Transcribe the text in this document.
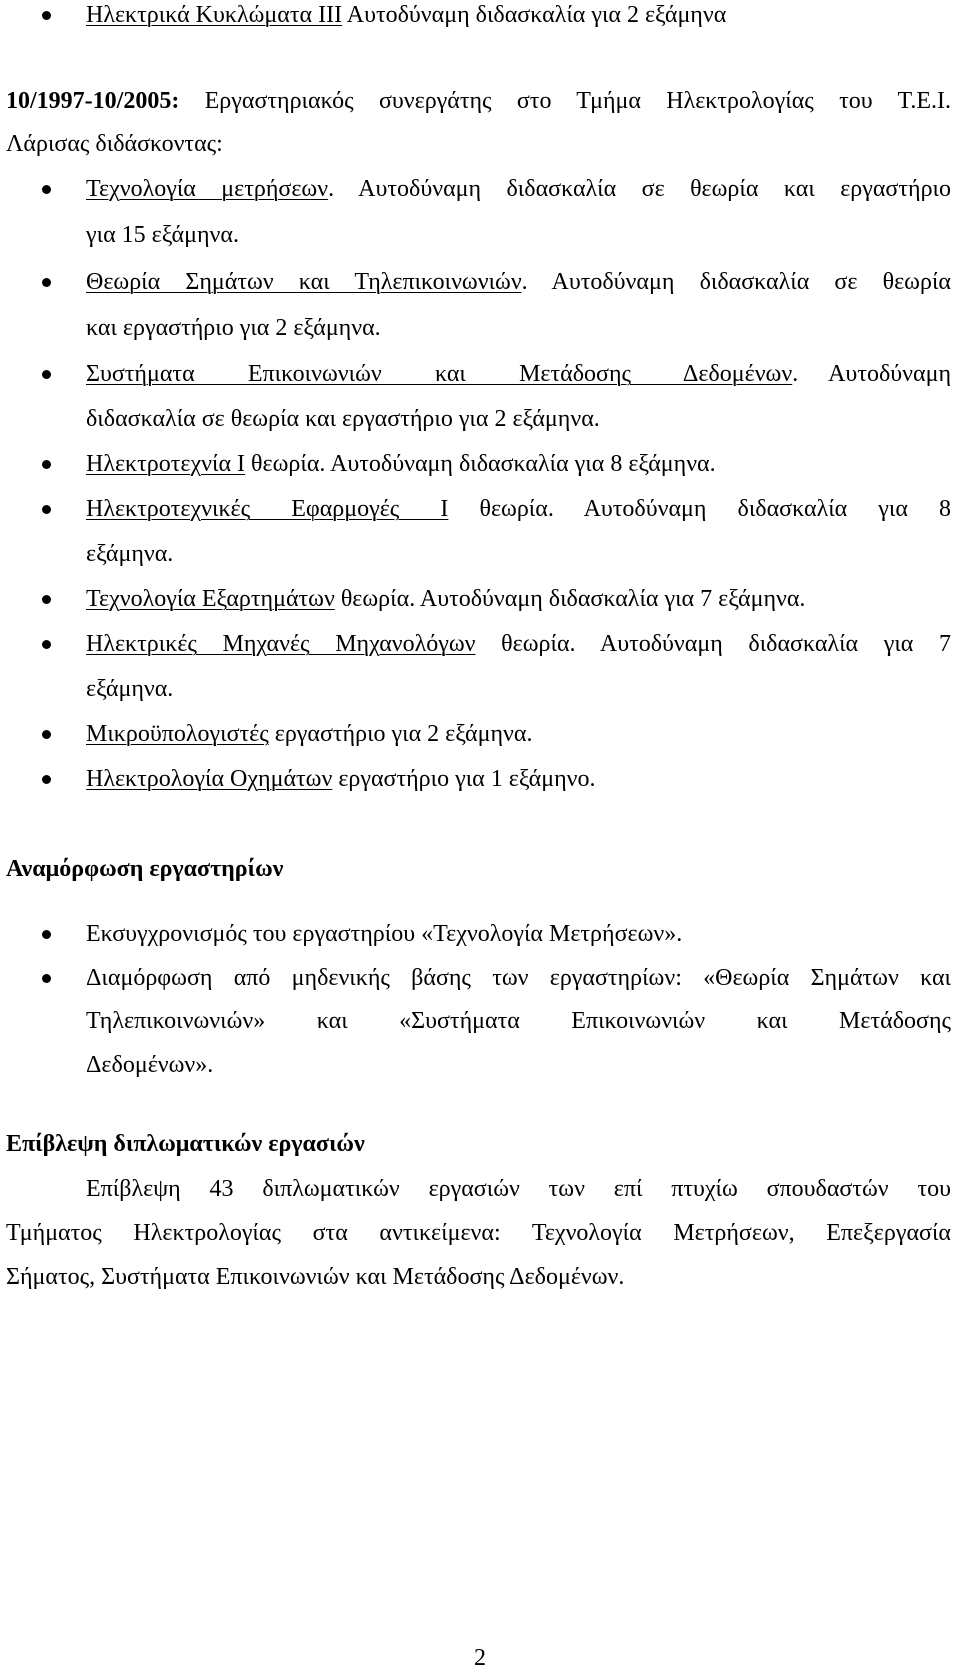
Ηλεκτρικά Κυκλώματα ΙΙΙ Αυτοδύναμη διδασκαλία για 2 εξάμηνα
10/1997-10/2005: Εργαστηριακός συνεργάτης στο Τμήμα Ηλεκτρολογίας του Τ.Ε.Ι.
Λάρισας διδάσκοντας:
Τεχνολογία μετρήσεων. Αυτοδύναμη διδασκαλία σε θεωρία και εργαστήριο
για 15 εξάμηνα.
Θεωρία Σημάτων και Τηλεπικοινωνιών. Αυτοδύναμη διδασκαλία σε θεωρία
και εργαστήριο για 2 εξάμηνα.
Συστήματα Επικοινωνιών και Μετάδοσης Δεδομένων. Αυτοδύναμη
διδασκαλία σε θεωρία και εργαστήριο για 2 εξάμηνα.
Ηλεκτροτεχνία Ι θεωρία. Αυτοδύναμη διδασκαλία για 8 εξάμηνα.
Ηλεκτροτεχνικές Εφαρμογές Ι θεωρία. Αυτοδύναμη διδασκαλία για 8
εξάμηνα.
Τεχνολογία Εξαρτημάτων θεωρία. Αυτοδύναμη διδασκαλία για 7 εξάμηνα.
Ηλεκτρικές Μηχανές Μηχανολόγων θεωρία. Αυτοδύναμη διδασκαλία για 7
εξάμηνα.
Μικροϋπολογιστές εργαστήριο για 2 εξάμηνα.
Ηλεκτρολογία Οχημάτων εργαστήριο για 1 εξάμηνο.
Αναμόρφωση εργαστηρίων
Εκσυγχρονισμός του εργαστηρίου «Τεχνολογία Μετρήσεων».
Διαμόρφωση από μηδενικής βάσης των εργαστηρίων: «Θεωρία Σημάτων και
Τηλεπικοινωνιών» και «Συστήματα Επικοινωνιών και Μετάδοσης
Δεδομένων».
Επίβλεψη διπλωματικών εργασιών
Επίβλεψη 43 διπλωματικών εργασιών των επί πτυχίω σπουδαστών του
Τμήματος Ηλεκτρολογίας στα αντικείμενα: Τεχνολογία Μετρήσεων, Επεξεργασία
Σήματος, Συστήματα Επικοινωνιών και Μετάδοσης Δεδομένων.
2
